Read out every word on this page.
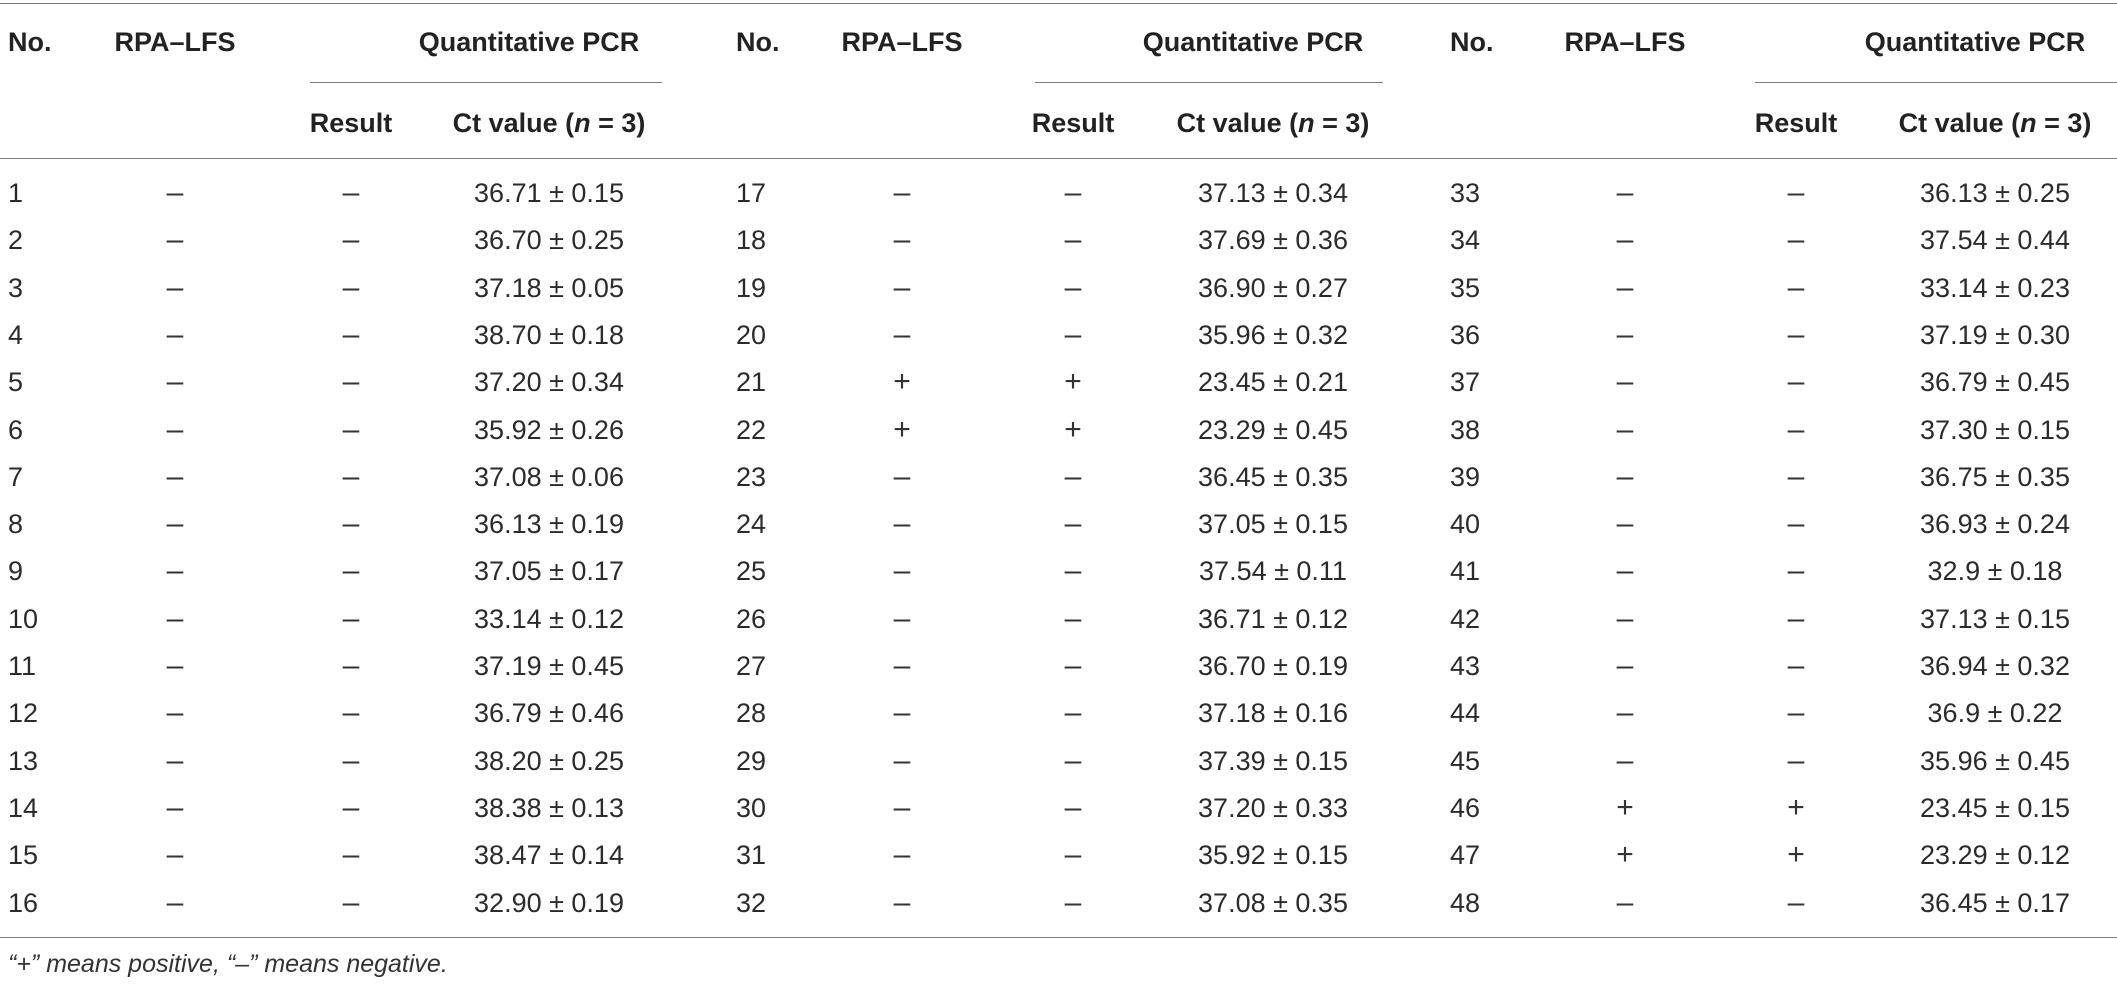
No.	RPA–LFS	Quantitative PCR
Result	Ct value (n = 3)
No.	RPA–LFS	Quantitative PCR
Result	Ct value (n = 3)
No.	RPA–LFS	Quantitative PCR
Result	Ct value (n = 3)
1	–	–	36.71 ± 0.15	17	–	–	37.13 ± 0.34	33	–	–	36.13 ± 0.25
2	–	–	36.70 ± 0.25	18	–	–	37.69 ± 0.36	34	–	–	37.54 ± 0.44
3	–	–	37.18 ± 0.05	19	–	–	36.90 ± 0.27	35	–	–	33.14 ± 0.23
4	–	–	38.70 ± 0.18	20	–	–	35.96 ± 0.32	36	–	–	37.19 ± 0.30
5	–	–	37.20 ± 0.34	21	+	+	23.45 ± 0.21	37	–	–	36.79 ± 0.45
6	–	–	35.92 ± 0.26	22	+	+	23.29 ± 0.45	38	–	–	37.30 ± 0.15
7	–	–	37.08 ± 0.06	23	–	–	36.45 ± 0.35	39	–	–	36.75 ± 0.35
8	–	–	36.13 ± 0.19	24	–	–	37.05 ± 0.15	40	–	–	36.93 ± 0.24
9	–	–	37.05 ± 0.17	25	–	–	37.54 ± 0.11	41	–	–	32.9 ± 0.18
10	–	–	33.14 ± 0.12	26	–	–	36.71 ± 0.12	42	–	–	37.13 ± 0.15
11	–	–	37.19 ± 0.45	27	–	–	36.70 ± 0.19	43	–	–	36.94 ± 0.32
12	–	–	36.79 ± 0.46	28	–	–	37.18 ± 0.16	44	–	–	36.9 ± 0.22
13	–	–	38.20 ± 0.25	29	–	–	37.39 ± 0.15	45	–	–	35.96 ± 0.45
14	–	–	38.38 ± 0.13	30	–	–	37.20 ± 0.33	46	+	+	23.45 ± 0.15
15	–	–	38.47 ± 0.14	31	–	–	35.92 ± 0.15	47	+	+	23.29 ± 0.12
16	–	–	32.90 ± 0.19	32	–	–	37.08 ± 0.35	48	–	–	36.45 ± 0.17
“+” means positive, “–” means negative.
